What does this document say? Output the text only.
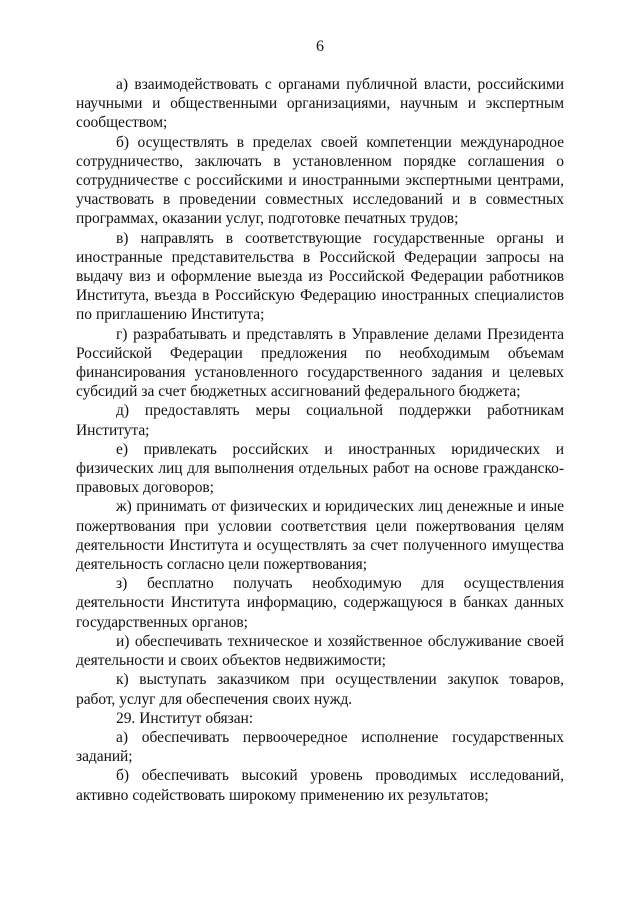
6

а) взаимодействовать с органами публичной власти, российскими научными и общественными организациями, научным и экспертным сообществом;

б) осуществлять в пределах своей компетенции международное сотрудничество, заключать в установленном порядке соглашения о сотрудничестве с российскими и иностранными экспертными центрами, участвовать в проведении совместных исследований и в совместных программах, оказании услуг, подготовке печатных трудов;

в) направлять в соответствующие государственные органы и иностранные представительства в Российской Федерации запросы на выдачу виз и оформление выезда из Российской Федерации работников Института, въезда в Российскую Федерацию иностранных специалистов по приглашению Института;

г) разрабатывать и представлять в Управление делами Президента Российской Федерации предложения по необходимым объемам финансирования установленного государственного задания и целевых субсидий за счет бюджетных ассигнований федерального бюджета;

д) предоставлять меры социальной поддержки работникам Института;

е) привлекать российских и иностранных юридических и физических лиц для выполнения отдельных работ на основе гражданско-правовых договоров;

ж) принимать от физических и юридических лиц денежные и иные пожертвования при условии соответствия цели пожертвования целям деятельности Института и осуществлять за счет полученного имущества деятельность согласно цели пожертвования;

з) бесплатно получать необходимую для осуществления деятельности Института информацию, содержащуюся в банках данных государственных органов;

и) обеспечивать техническое и хозяйственное обслуживание своей деятельности и своих объектов недвижимости;

к) выступать заказчиком при осуществлении закупок товаров, работ, услуг для обеспечения своих нужд.

29. Институт обязан:

а) обеспечивать первоочередное исполнение государственных заданий;

б) обеспечивать высокий уровень проводимых исследований, активно содействовать широкому применению их результатов;
